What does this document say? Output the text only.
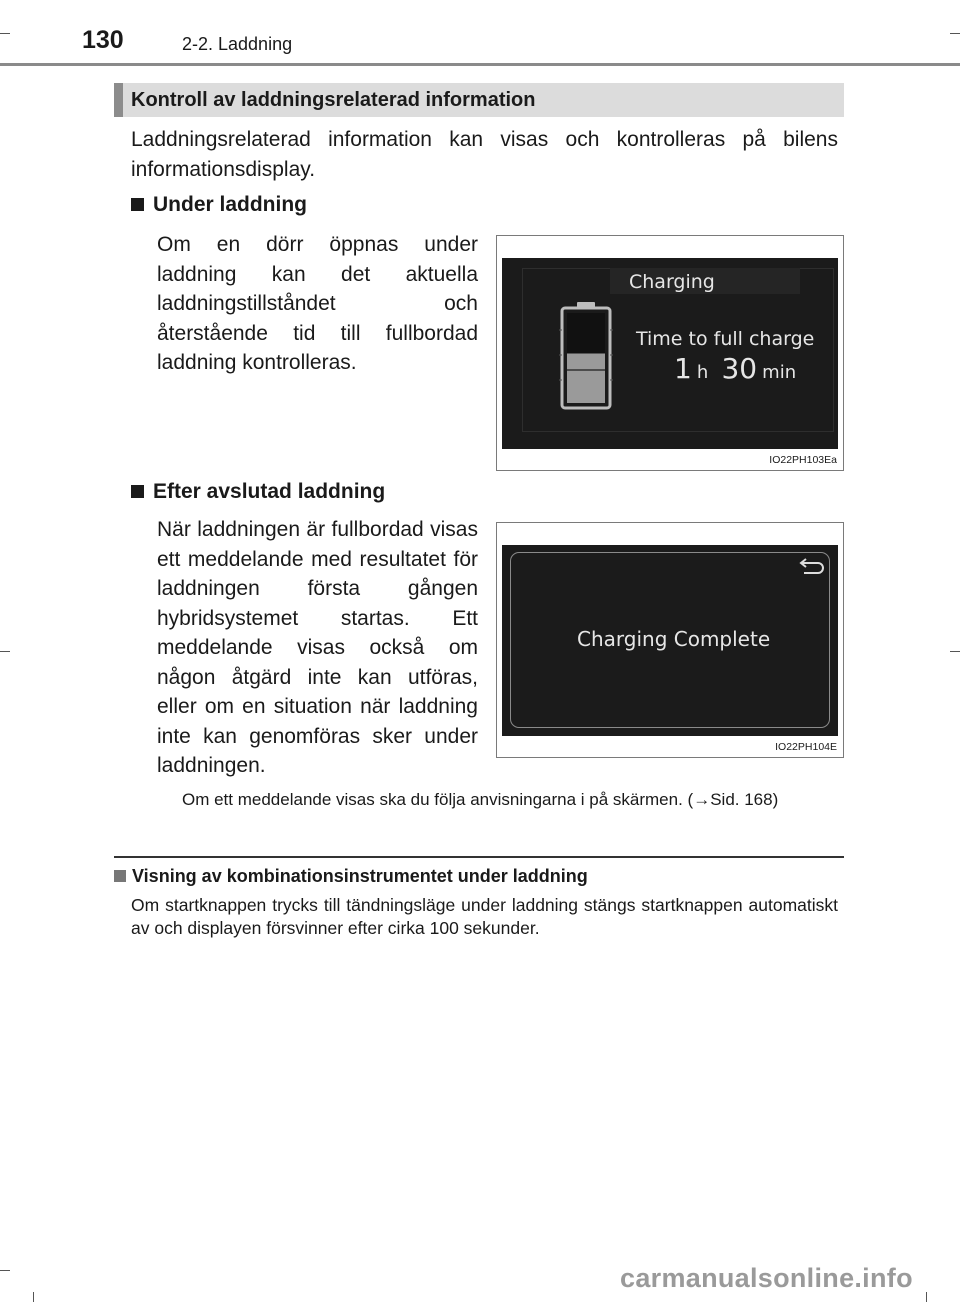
130	2-2. Laddning
Kontroll av laddningsrelaterad information
Laddningsrelaterad information kan visas och kontrolleras på bilens informationsdisplay.
Under laddning
Om en dörr öppnas under laddning kan det aktuella laddningstillståndet och återstående tid till fullbordad laddning kontrolleras.
Charging
Time to full charge
1 h 30 min
IO22PH103Ea
Efter avslutad laddning
När laddningen är fullbordad visas ett meddelande med resultatet för laddningen första gången hybridsystemet startas. Ett meddelande visas också om någon åtgärd inte kan utföras, eller om en situation när laddning inte kan genomföras sker under laddningen.
Charging Complete
IO22PH104E
Om ett meddelande visas ska du följa anvisningarna i på skärmen. (→Sid. 168)
Visning av kombinationsinstrumentet under laddning
Om startknappen trycks till tändningsläge under laddning stängs startknappen automatiskt av och displayen försvinner efter cirka 100 sekunder.
carmanualsonline.info
